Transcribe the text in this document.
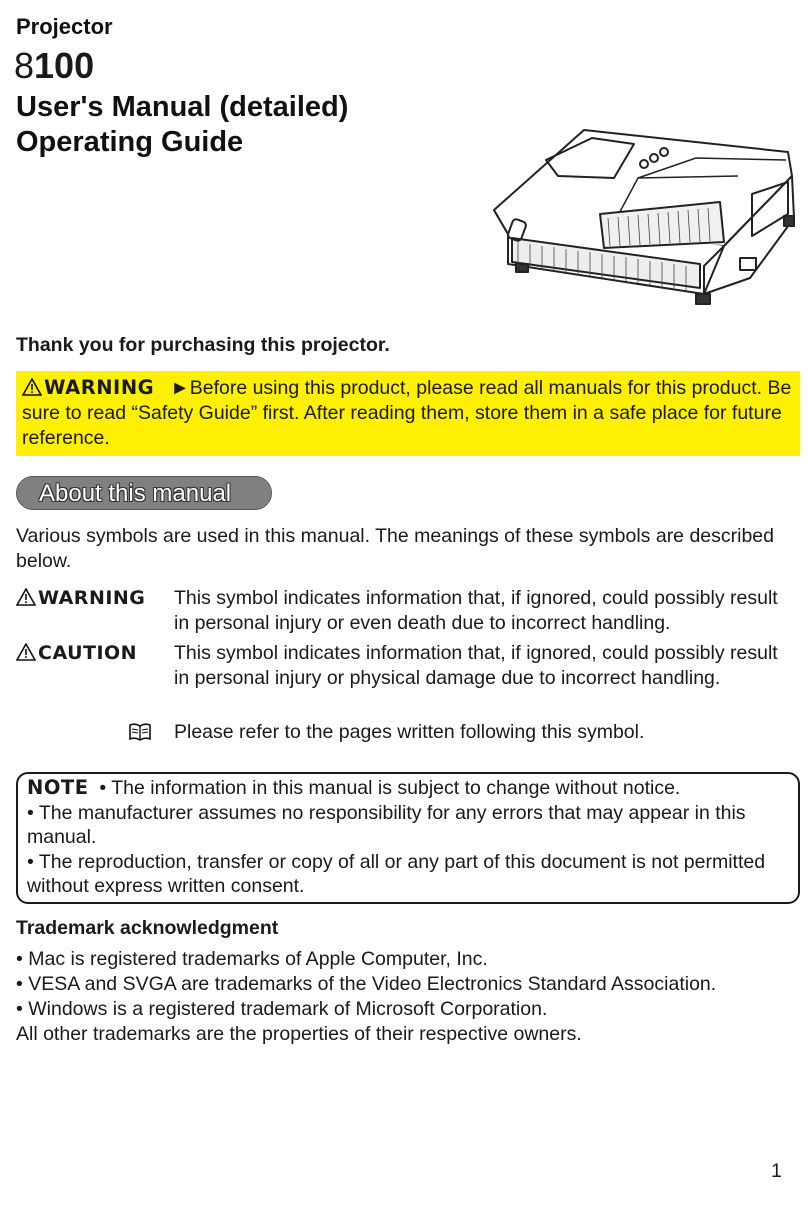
Projector
8100
User's Manual (detailed)
Operating Guide
Thank you for purchasing this projector.
WARNING ►Before using this product, please read all manuals for this product. Be sure to read “Safety Guide” first. After reading them, store them in a safe place for future reference.
About this manual
Various symbols are used in this manual. The meanings of these symbols are described below.
WARNING This symbol indicates information that, if ignored, could possibly result in personal injury or even death due to incorrect handling.
CAUTION This symbol indicates information that, if ignored, could possibly result in personal injury or physical damage due to incorrect handling.
Please refer to the pages written following this symbol.
NOTE • The information in this manual is subject to change without notice.
• The manufacturer assumes no responsibility for any errors that may appear in this manual.
• The reproduction, transfer or copy of all or any part of this document is not permitted without express written consent.
Trademark acknowledgment
• Mac is registered trademarks of Apple Computer, Inc.
• VESA and SVGA are trademarks of the Video Electronics Standard Association.
• Windows is a registered trademark of Microsoft Corporation.
All other trademarks are the properties of their respective owners.
1
